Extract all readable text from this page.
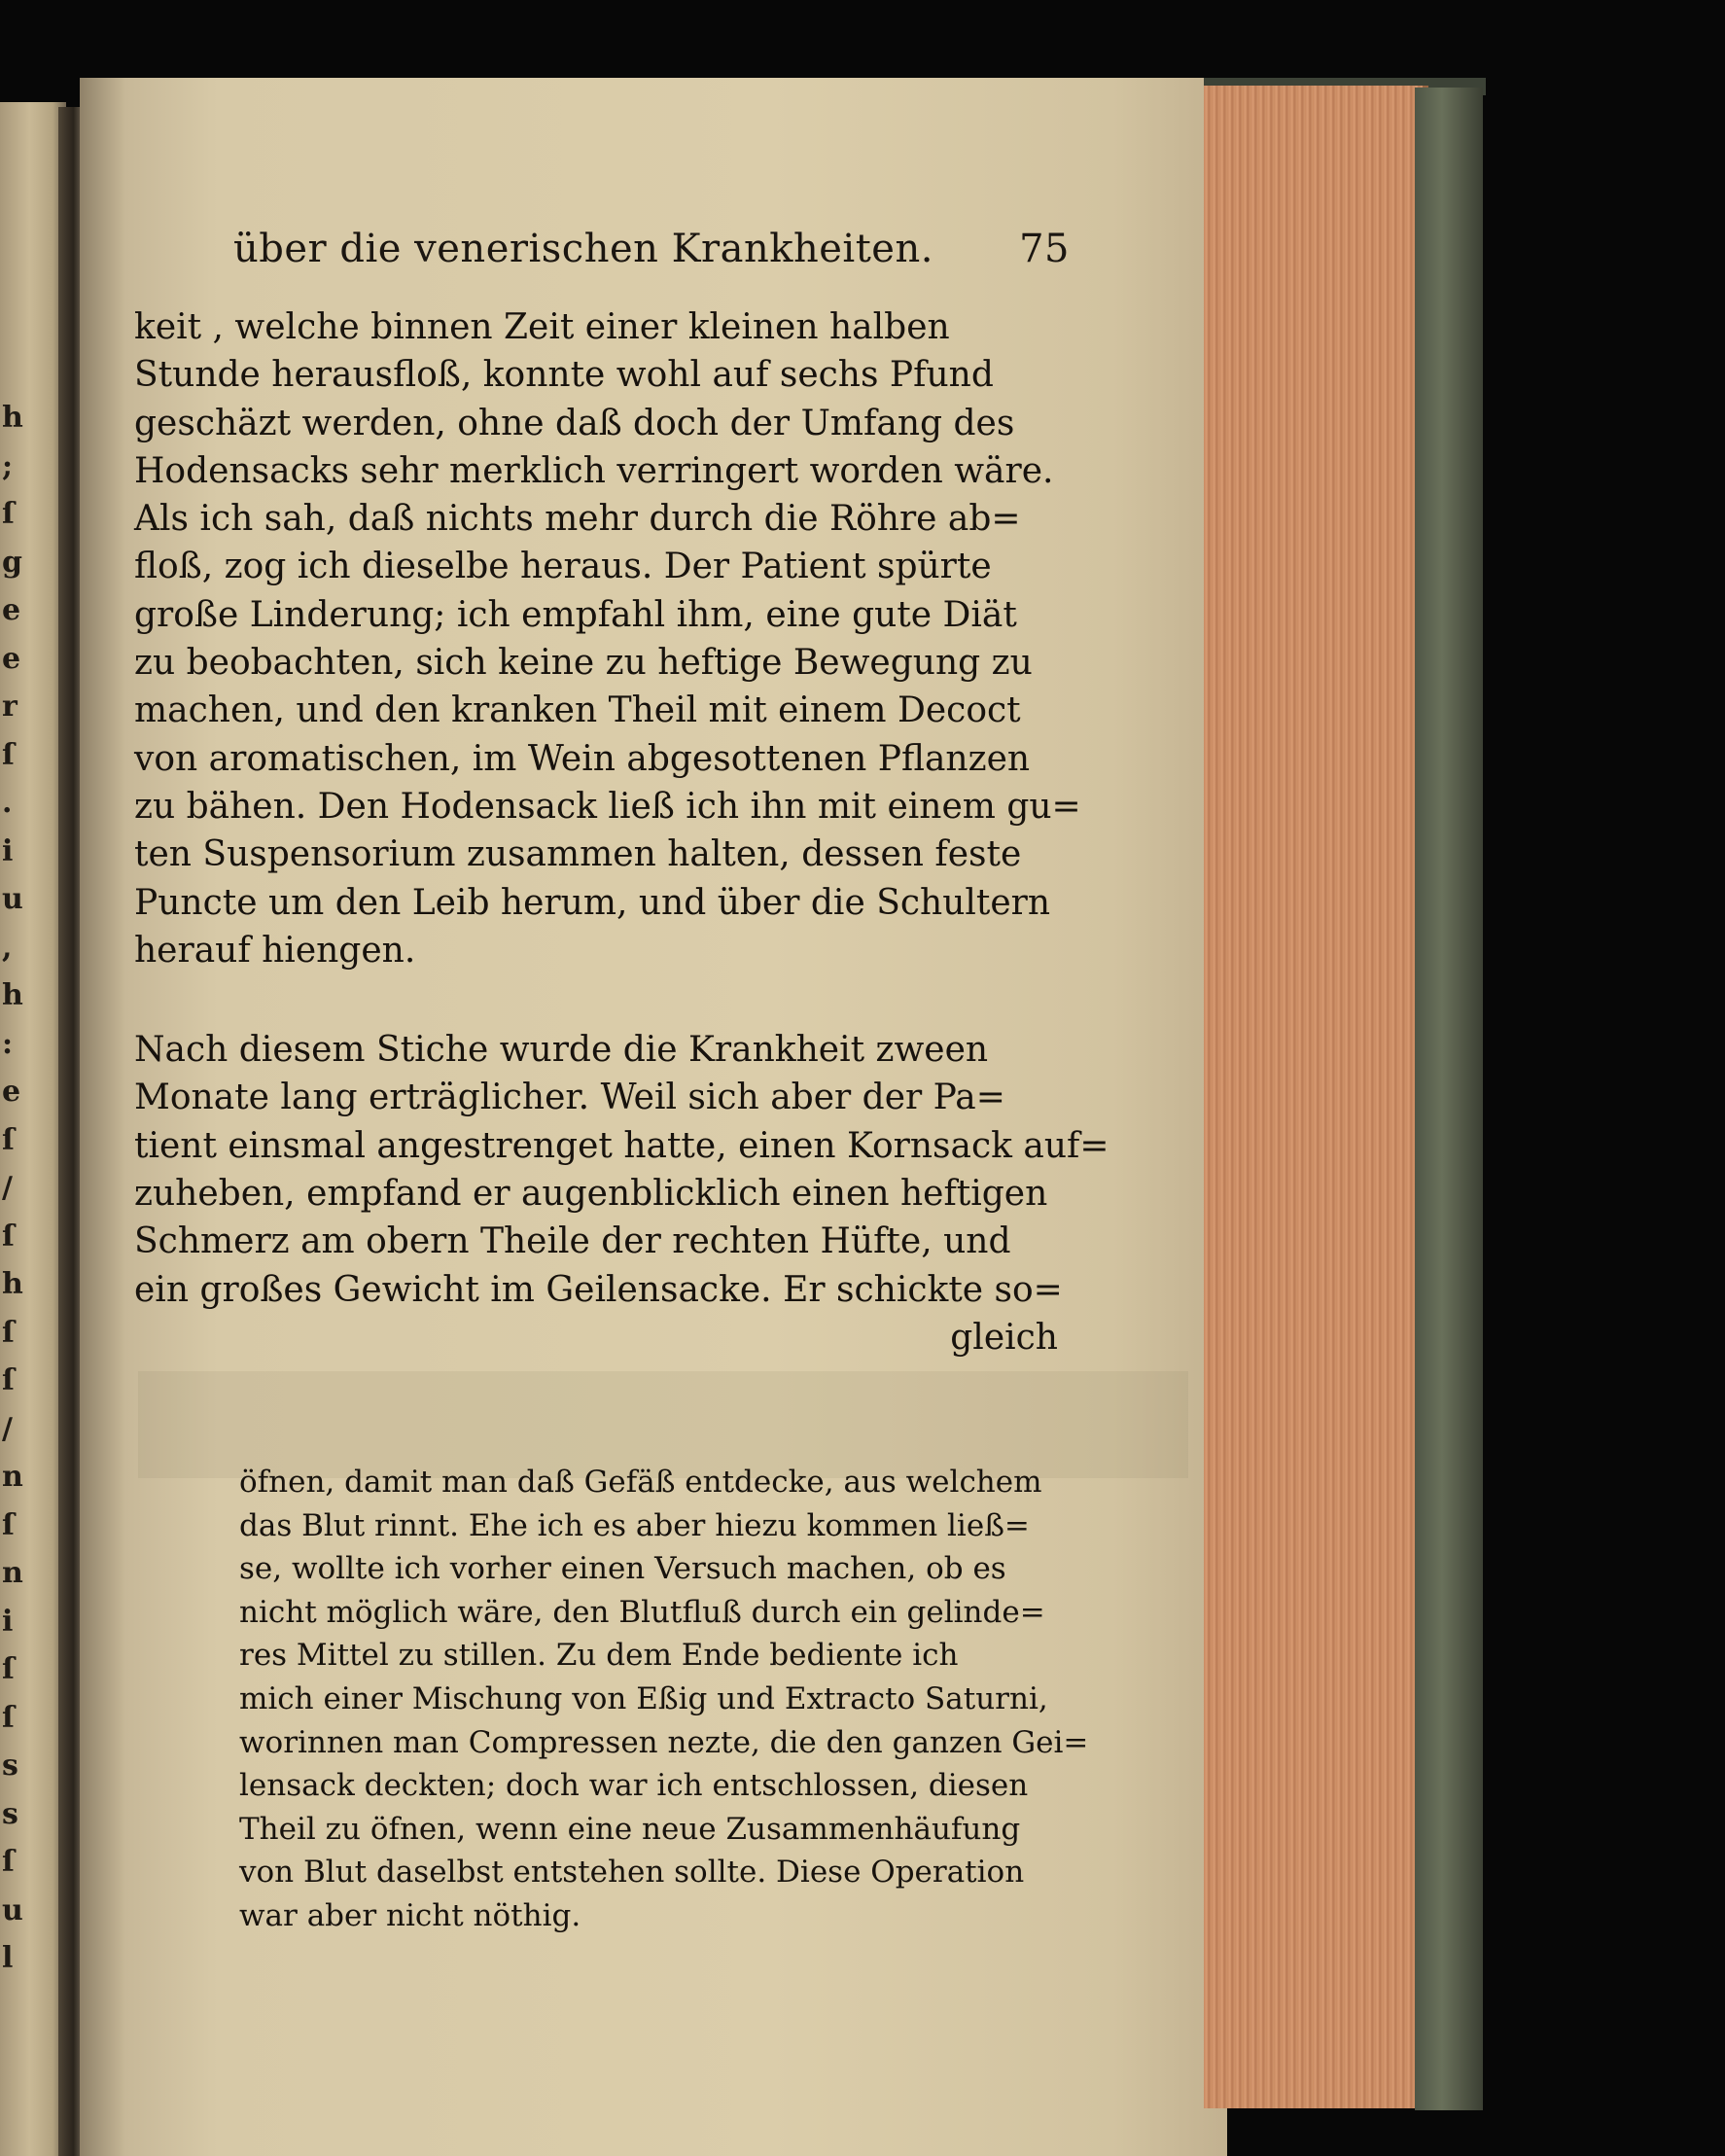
h
;
ſ
g
e
e
r
ſ
.
i
u
,
h
:
e
ſ
/
ſ
h
ſ
ſ
/
n
ſ
n
i
ſ
ſ
s
s
ſ
u
l
über die venerischen Krankheiten. 75
keit , welche binnen Zeit einer kleinen halben
Stunde herausfloß, konnte wohl auf sechs Pfund
geschäzt werden, ohne daß doch der Umfang des
Hodensacks sehr merklich verringert worden wäre.
Als ich sah, daß nichts mehr durch die Röhre ab=
floß, zog ich dieselbe heraus. Der Patient spürte
große Linderung; ich empfahl ihm, eine gute Diät
zu beobachten, sich keine zu heftige Bewegung zu
machen, und den kranken Theil mit einem Decoct
von aromatischen, im Wein abgesottenen Pflanzen
zu bähen. Den Hodensack ließ ich ihn mit einem gu=
ten Suspensorium zusammen halten, dessen feste
Puncte um den Leib herum, und über die Schultern
herauf hiengen.
Nach diesem Stiche wurde die Krankheit zween
Monate lang erträglicher. Weil sich aber der Pa=
tient einsmal angestrenget hatte, einen Kornsack auf=
zuheben, empfand er augenblicklich einen heftigen
Schmerz am obern Theile der rechten Hüfte, und
ein großes Gewicht im Geilensacke. Er schickte so=
gleich
öfnen, damit man daß Gefäß entdecke, aus welchem
das Blut rinnt. Ehe ich es aber hiezu kommen ließ=
se, wollte ich vorher einen Versuch machen, ob es
nicht möglich wäre, den Blutfluß durch ein gelinde=
res Mittel zu stillen. Zu dem Ende bediente ich
mich einer Mischung von Eßig und Extracto Saturni,
worinnen man Compressen nezte, die den ganzen Gei=
lensack deckten; doch war ich entschlossen, diesen
Theil zu öfnen, wenn eine neue Zusammenhäufung
von Blut daselbst entstehen sollte. Diese Operation
war aber nicht nöthig.
